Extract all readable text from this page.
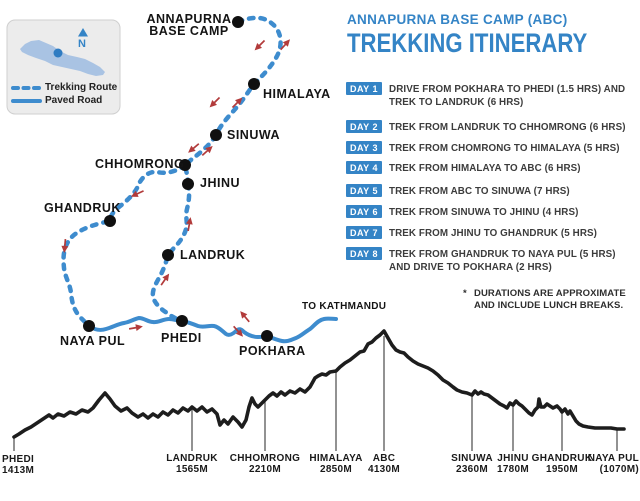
N
Trekking Route
Paved Road
ANNAPURNA
BASE CAMP
HIMALAYA
SINUWA
CHHOMRONG
JHINU
GHANDRUK
LANDRUK
NAYA PUL	PHEDI
POKHARA
TO KATHMANDU
ANNAPURNA BASE CAMP (ABC)
TREKKING ITINERARY
DAY 1	DRIVE FROM POKHARA TO PHEDI (1.5 HRS) AND TREK TO LANDRUK (6 HRS)
DAY 2	TREK FROM LANDRUK TO CHHOMRONG (6 HRS)
DAY 3	TREK FROM CHOMRONG TO HIMALAYA (5 HRS)
DAY 4	TREK FROM HIMALAYA TO ABC (6 HRS)
DAY 5	TREK FROM ABC TO SINUWA (7 HRS)
DAY 6	TREK FROM SINUWA TO JHINU (4 HRS)
DAY 7	TREK FROM JHINU TO GHANDRUK (5 HRS)
DAY 8	TREK FROM GHANDRUK TO NAYA PUL (5 HRS) AND DRIVE TO POKHARA (2 HRS)
* DURATIONS ARE APPROXIMATE AND INCLUDE LUNCH BREAKS.
PHEDI
1413M
LANDRUK
1565M
CHHOMRONG
2210M
HIMALAYA
2850M
ABC
4130M
SINUWA
2360M
JHINU
1780M
GHANDRUK
1950M
NAYA PUL
(1070M)
